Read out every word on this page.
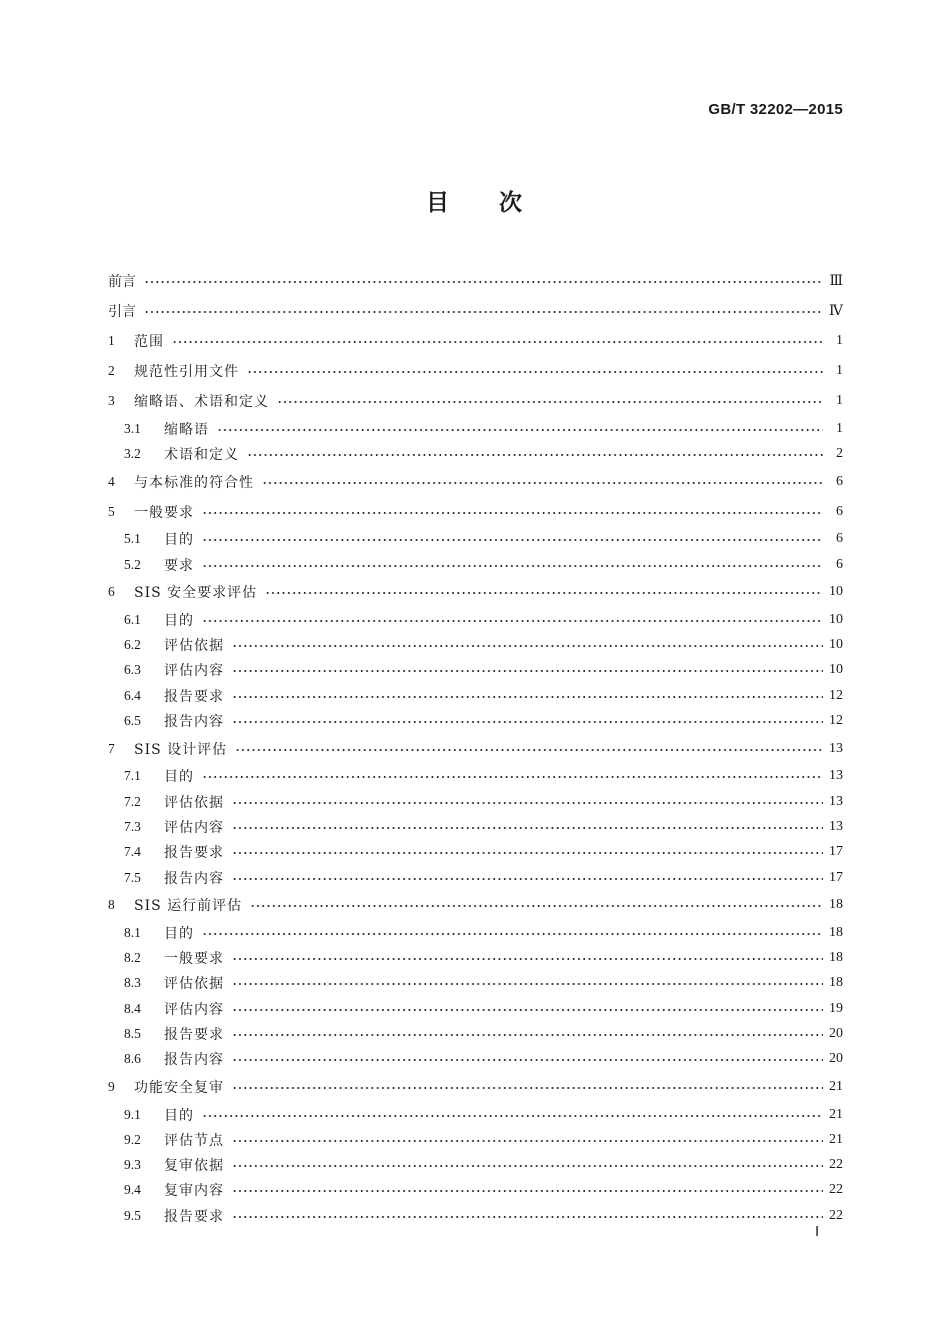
GB/T 32202—2015
目 次
前言	Ⅲ
引言	Ⅳ
1	范围	1
2	规范性引用文件	1
3	缩略语、术语和定义	1
3.1	缩略语	1
3.2	术语和定义	2
4	与本标准的符合性	6
5	一般要求	6
5.1	目的	6
5.2	要求	6
6	SIS 安全要求评估	10
6.1	目的	10
6.2	评估依据	10
6.3	评估内容	10
6.4	报告要求	12
6.5	报告内容	12
7	SIS 设计评估	13
7.1	目的	13
7.2	评估依据	13
7.3	评估内容	13
7.4	报告要求	17
7.5	报告内容	17
8	SIS 运行前评估	18
8.1	目的	18
8.2	一般要求	18
8.3	评估依据	18
8.4	评估内容	19
8.5	报告要求	20
8.6	报告内容	20
9	功能安全复审	21
9.1	目的	21
9.2	评估节点	21
9.3	复审依据	22
9.4	复审内容	22
9.5	报告要求	22
Ⅰ
